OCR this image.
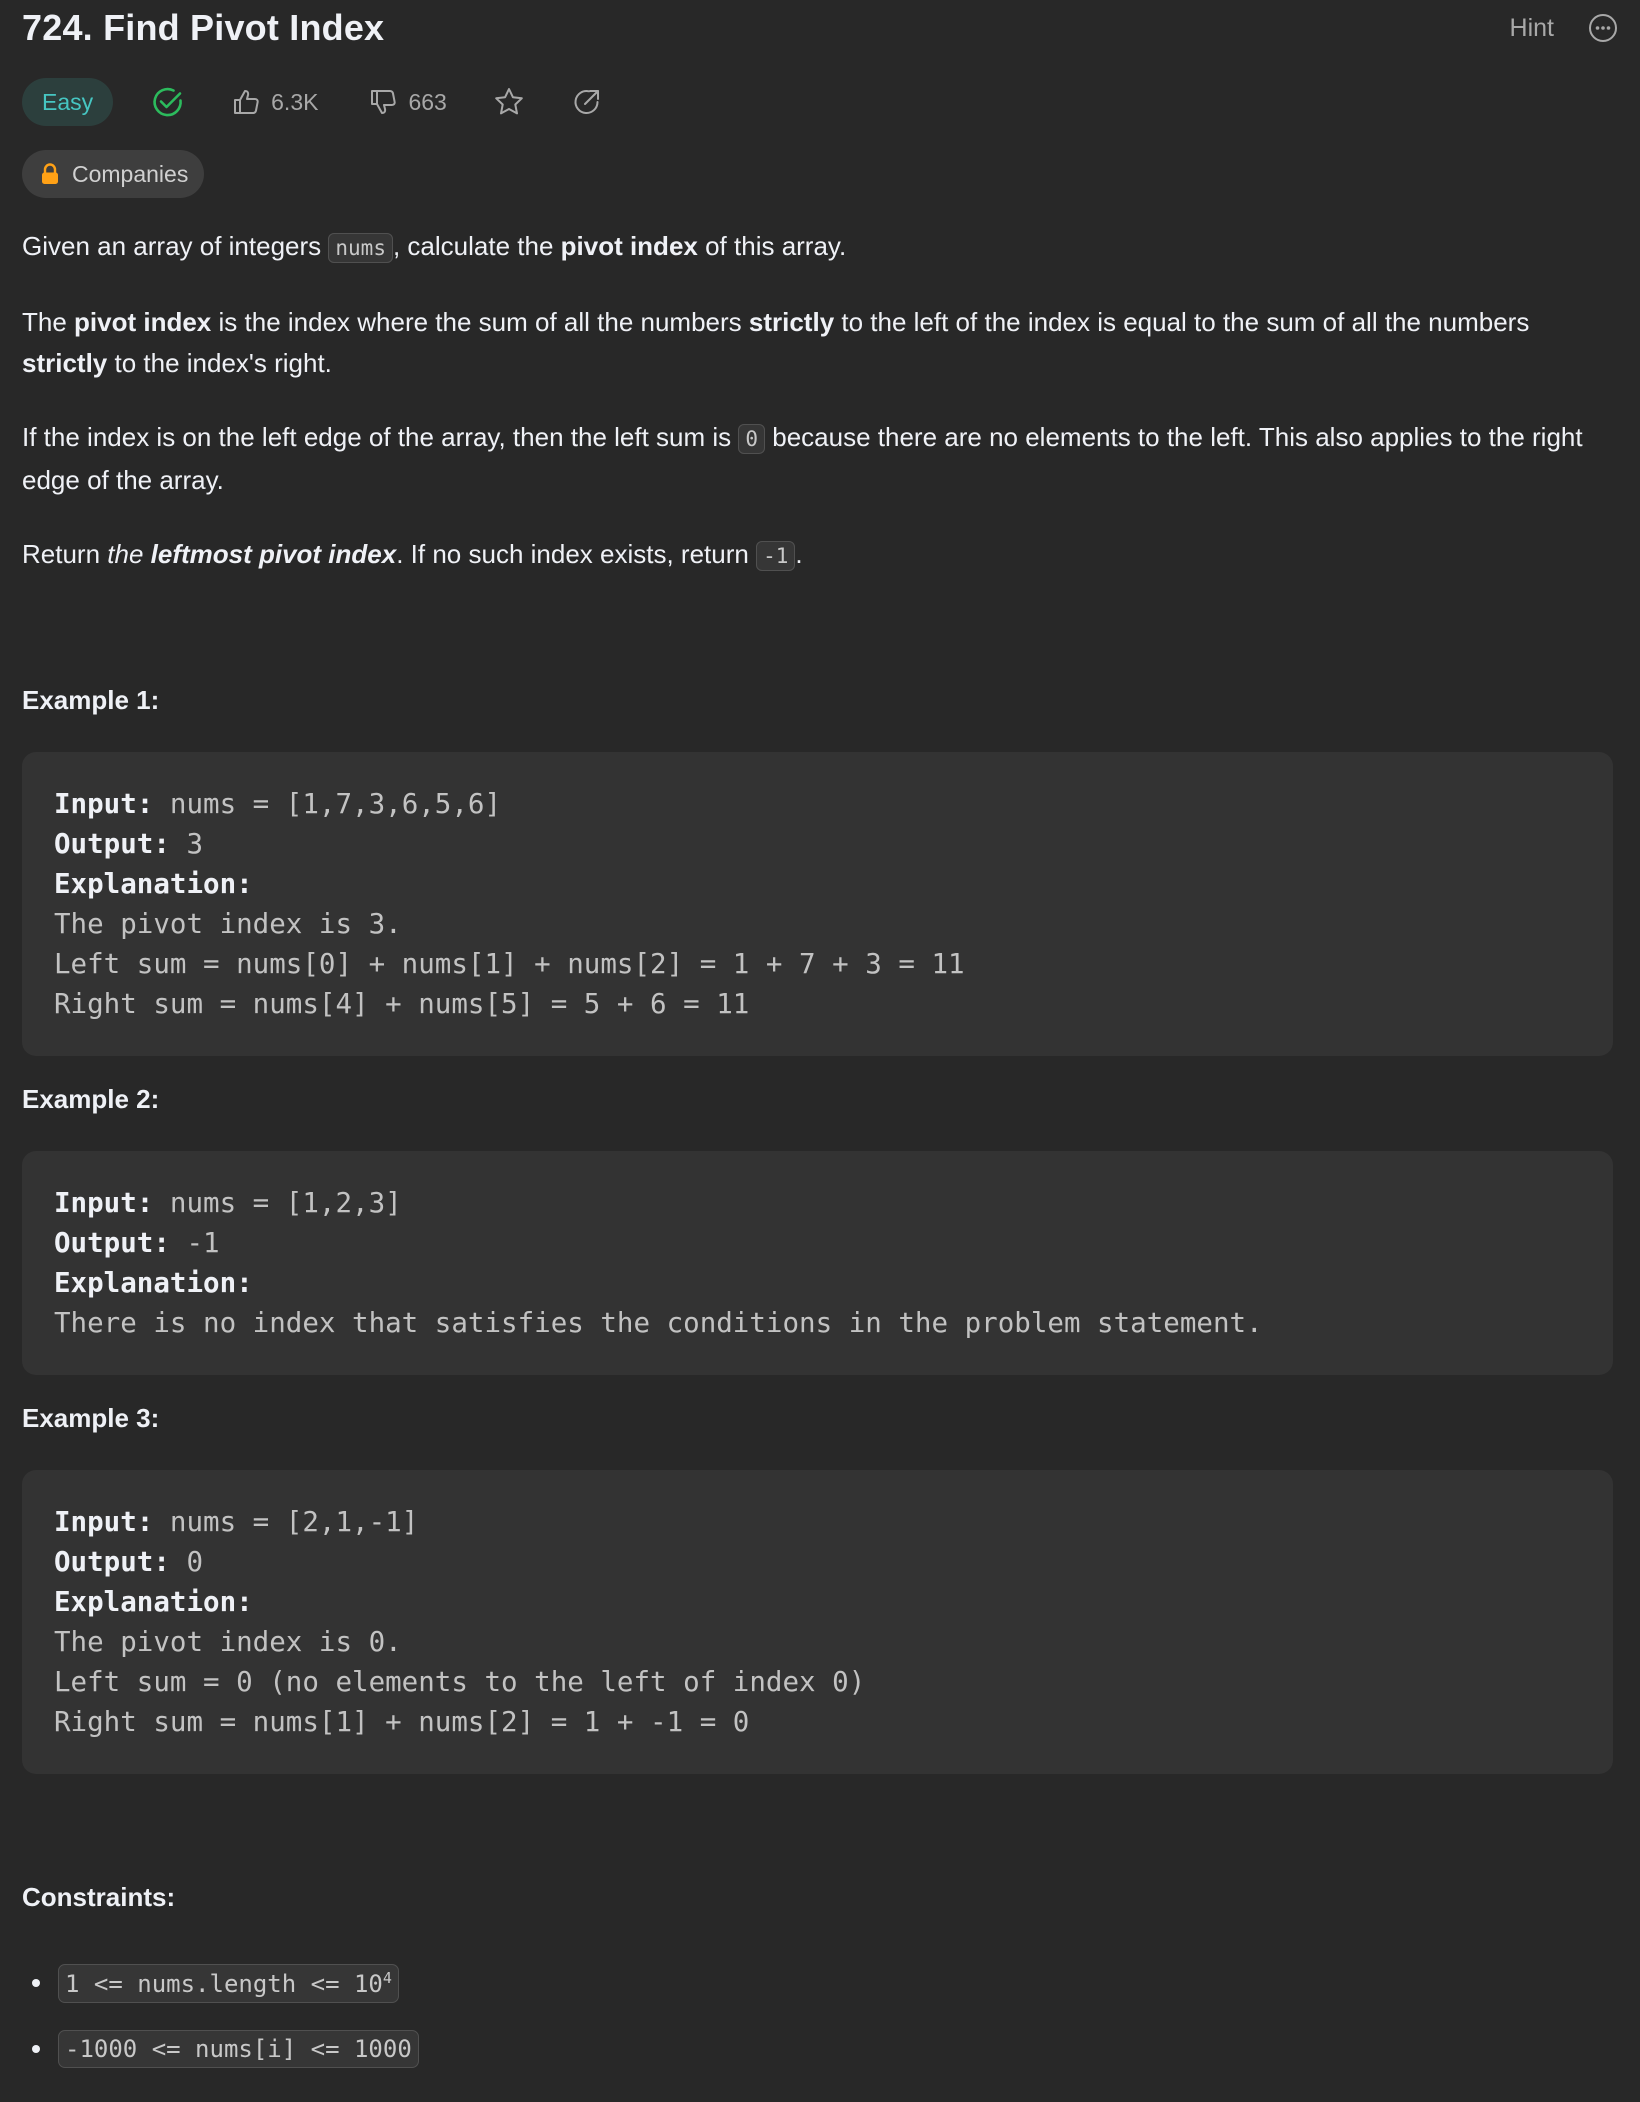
724. Find Pivot Index	Hint
Easy	6.3K	663
Companies

Given an array of integers nums , calculate the pivot index of this array.

The pivot index is the index where the sum of all the numbers strictly to the left of the index is equal to the sum of all the numbers strictly to the index's right.

If the index is on the left edge of the array, then the left sum is 0 because there are no elements to the left. This also applies to the right edge of the array.

Return the leftmost pivot index. If no such index exists, return -1 .

Example 1:
Input: nums = [1,7,3,6,5,6]
Output: 3
Explanation:
The pivot index is 3.
Left sum = nums[0] + nums[1] + nums[2] = 1 + 7 + 3 = 11
Right sum = nums[4] + nums[5] = 5 + 6 = 11
Example 2:
Input: nums = [1,2,3]
Output: -1
Explanation:
There is no index that satisfies the conditions in the problem statement.
Example 3:
Input: nums = [2,1,-1]
Output: 0
Explanation:
The pivot index is 0.
Left sum = 0 (no elements to the left of index 0)
Right sum = nums[1] + nums[2] = 1 + -1 = 0
Constraints:
1 <= nums.length <= $10^4$
-1000 <= nums[i] <= 1000
